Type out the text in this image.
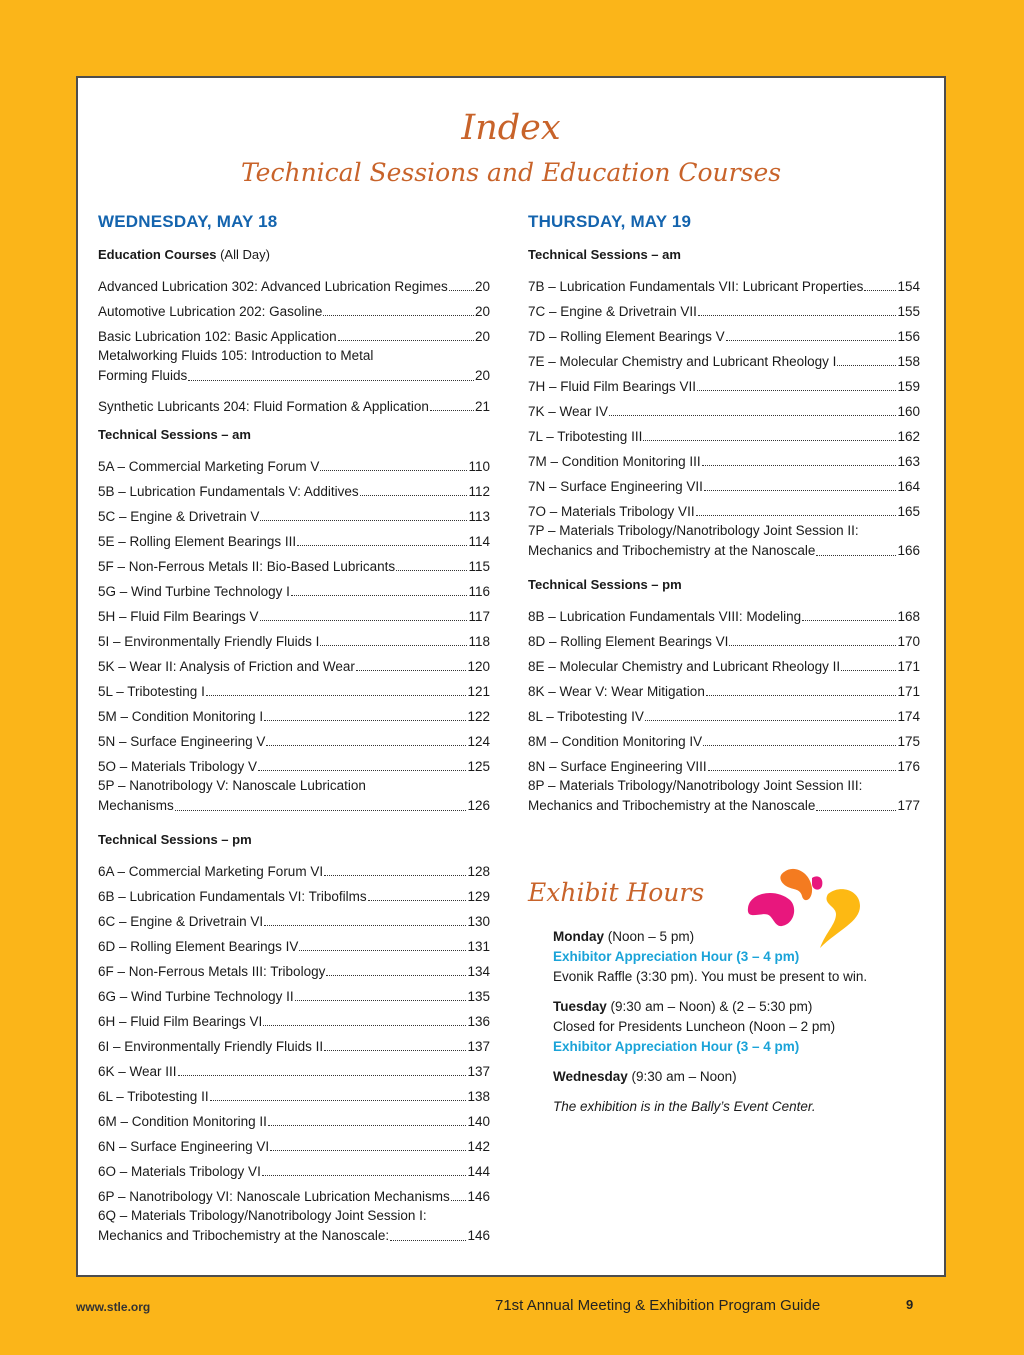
Index
Technical Sessions and Education Courses
WEDNESDAY, MAY 18
Education Courses (All Day)
Advanced Lubrication 302: Advanced Lubrication Regimes 20
Automotive Lubrication 202: Gasoline	20
Basic Lubrication 102: Basic Application	20
Metalworking Fluids 105: Introduction to Metal
Forming Fluids	20
Synthetic Lubricants 204: Fluid Formation & Application	21
Technical Sessions – am
5A – Commercial Marketing Forum V	110
5B – Lubrication Fundamentals V: Additives	112
5C – Engine & Drivetrain V	113
5E – Rolling Element Bearings III	114
5F – Non-Ferrous Metals II: Bio-Based Lubricants	115
5G – Wind Turbine Technology I	116
5H – Fluid Film Bearings V	117
5I – Environmentally Friendly Fluids I	118
5K – Wear II: Analysis of Friction and Wear	120
5L – Tribotesting I	121
5M – Condition Monitoring I	122
5N – Surface Engineering V	124
5O – Materials Tribology V	125
5P – Nanotribology V: Nanoscale Lubrication
Mechanisms	126
Technical Sessions – pm
6A – Commercial Marketing Forum VI	128
6B – Lubrication Fundamentals VI: Tribofilms	129
6C – Engine & Drivetrain VI	130
6D – Rolling Element Bearings IV	131
6F – Non-Ferrous Metals III: Tribology	134
6G – Wind Turbine Technology II	135
6H – Fluid Film Bearings VI	136
6I – Environmentally Friendly Fluids II	137
6K – Wear III	137
6L – Tribotesting II	138
6M – Condition Monitoring II	140
6N – Surface Engineering VI	142
6O – Materials Tribology VI	144
6P – Nanotribology VI: Nanoscale Lubrication Mechanisms 146
6Q – Materials Tribology/Nanotribology Joint Session I:
Mechanics and Tribochemistry at the Nanoscale:	146
THURSDAY, MAY 19
Technical Sessions – am
7B – Lubrication Fundamentals VII: Lubricant Properties	154
7C – Engine & Drivetrain VII	155
7D – Rolling Element Bearings V	156
7E – Molecular Chemistry and Lubricant Rheology I	158
7H – Fluid Film Bearings VII	159
7K – Wear IV	160
7L – Tribotesting III	162
7M – Condition Monitoring III	163
7N – Surface Engineering VII	164
7O – Materials Tribology VII	165
7P – Materials Tribology/Nanotribology Joint Session II:
Mechanics and Tribochemistry at the Nanoscale	166
Technical Sessions – pm
8B – Lubrication Fundamentals VIII: Modeling	168
8D – Rolling Element Bearings VI	170
8E – Molecular Chemistry and Lubricant Rheology II	171
8K – Wear V: Wear Mitigation	171
8L – Tribotesting IV	174
8M – Condition Monitoring IV	175
8N – Surface Engineering VIII	176
8P – Materials Tribology/Nanotribology Joint Session III:
Mechanics and Tribochemistry at the Nanoscale	177
Exhibit Hours
Monday (Noon – 5 pm)
Exhibitor Appreciation Hour (3 – 4 pm)
Evonik Raffle (3:30 pm). You must be present to win.
Tuesday (9:30 am – Noon) & (2 – 5:30 pm)
Closed for Presidents Luncheon (Noon – 2 pm)
Exhibitor Appreciation Hour (3 – 4 pm)
Wednesday (9:30 am – Noon)
The exhibition is in the Bally’s Event Center.
www.stle.org	71st Annual Meeting & Exhibition Program Guide	9
